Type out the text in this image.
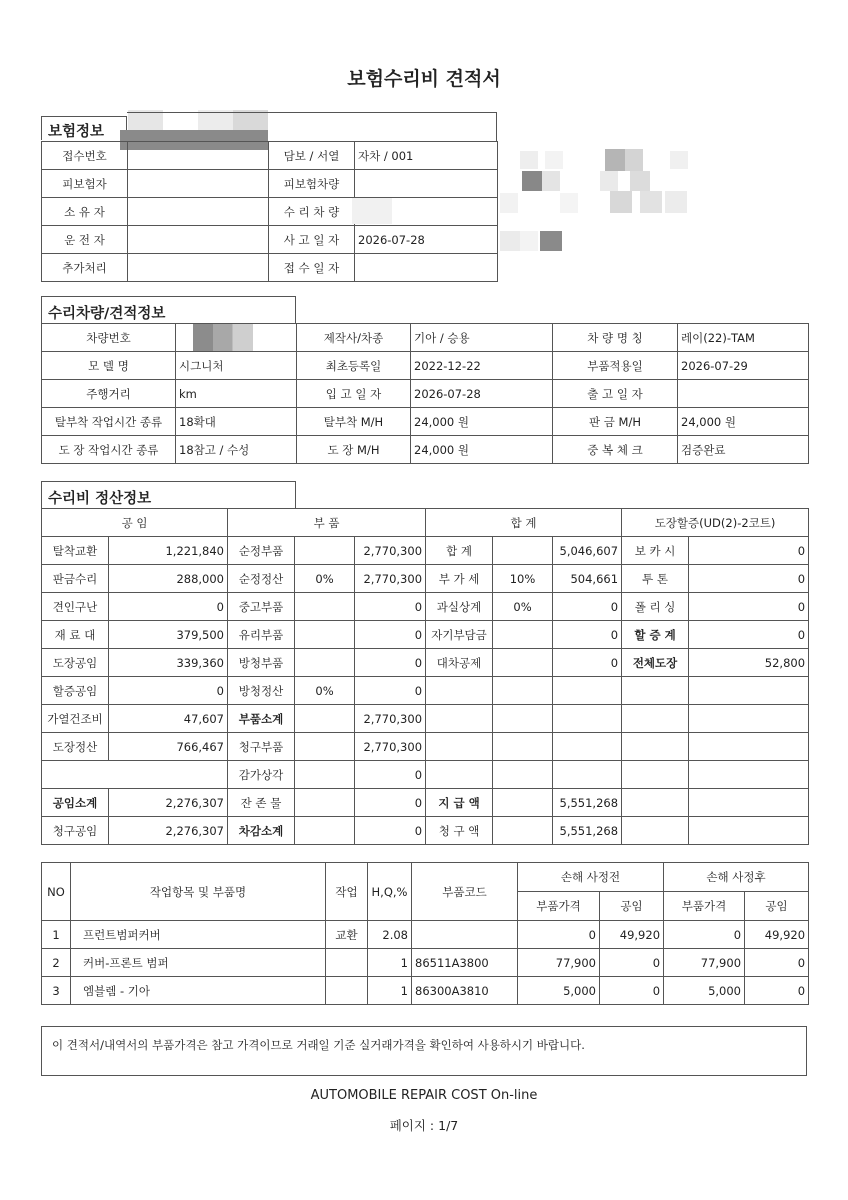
보험수리비 견적서
보험정보
접수번호		담보 / 서열	자차 / 001
피보험자		피보험차량	
소 유 자		수 리 차 량	
운 전 자		사 고 일 자	2026-07-28
추가처리		접 수 일 자	
수리차량/견적정보
차량번호		제작사/차종	기아 / 승용	차 량 명 칭	레이(22)-TAM
모 델 명	시그니처	최초등록일	2022-12-22	부품적용일	2026-07-29
주행거리	km	입 고 일 자	2026-07-28	출 고 일 자	
탈부착 작업시간 종류	18확대	탈부착 M/H	24,000 원	판 금 M/H	24,000 원
도 장 작업시간 종류	18참고 / 수성	도 장 M/H	24,000 원	중 복 체 크	검증완료
수리비 정산정보
공 임		부 품			합 계			도장할증(UD(2)-2코트)	
탈착교환	1,221,840	순정부품		2,770,300	합 계		5,046,607	보 카 시	0
판금수리	288,000	순정정산	0%	2,770,300	부 가 세	10%	504,661	투 톤	0
견인구난	0	중고부품		0	과실상계	0%	0	폴 리 싱	0
재 료 대	379,500	유리부품		0	자기부담금		0	할 증 계	0
도장공임	339,360	방청부품		0	대차공제		0	전체도장	52,800
할증공임	0	방청정산	0%	0					
가열건조비	47,607	부품소계		2,770,300					
도장정산	766,467	청구부품		2,770,300					
		감가상각		0					
공임소계	2,276,307	잔 존 물		0	지 급 액		5,551,268		
청구공임	2,276,307	차감소계		0	청 구 액		5,551,268		
NO	작업항목 및 부품명	작업	H,Q,%	부품코드	손해 사정전		손해 사정후	
					부품가격	공임	부품가격	공임
1	프런트범퍼커버	교환	2.08		0	49,920	0	49,920
2	커버-프론트 범퍼		1	86511A3800	77,900	0	77,900	0
3	엠블렘 - 기아		1	86300A3810	5,000	0	5,000	0
이 견적서/내역서의 부품가격은 참고 가격이므로 거래일 기준 실거래가격을 확인하여 사용하시기 바랍니다.
AUTOMOBILE REPAIR COST On-line
페이지 : 1/7
